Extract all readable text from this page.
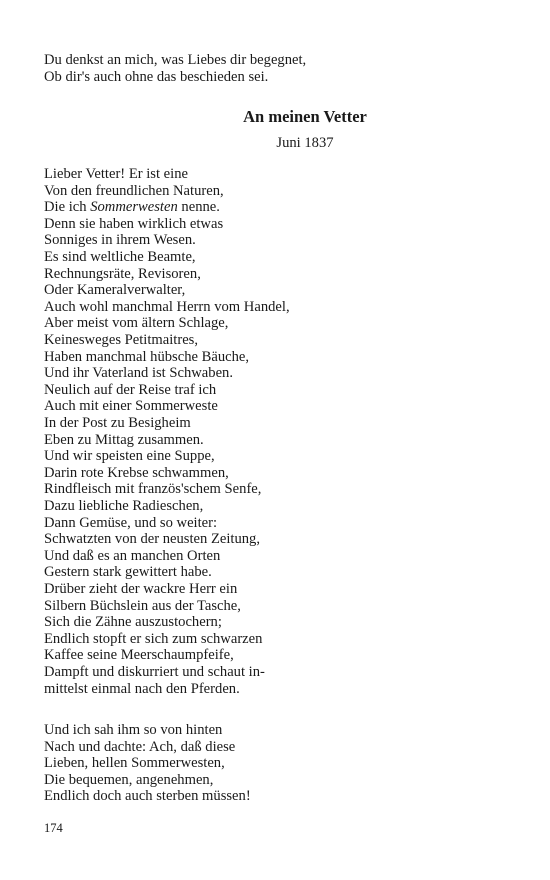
Du denkst an mich, was Liebes dir begegnet,
Ob dir's auch ohne das beschieden sei.
An meinen Vetter
Juni 1837
Lieber Vetter! Er ist eine
Von den freundlichen Naturen,
Die ich Sommerwesten nenne.
Denn sie haben wirklich etwas
Sonniges in ihrem Wesen.
Es sind weltliche Beamte,
Rechnungsräte, Revisoren,
Oder Kameralverwalter,
Auch wohl manchmal Herrn vom Handel,
Aber meist vom ältern Schlage,
Keinesweges Petitmaitres,
Haben manchmal hübsche Bäuche,
Und ihr Vaterland ist Schwaben.
Neulich auf der Reise traf ich
Auch mit einer Sommerweste
In der Post zu Besigheim
Eben zu Mittag zusammen.
Und wir speisten eine Suppe,
Darin rote Krebse schwammen,
Rindfleisch mit französ'schem Senfe,
Dazu liebliche Radieschen,
Dann Gemüse, und so weiter:
Schwatzten von der neusten Zeitung,
Und daß es an manchen Orten
Gestern stark gewittert habe.
Drüber zieht der wackre Herr ein
Silbern Büchslein aus der Tasche,
Sich die Zähne auszustochern;
Endlich stopft er sich zum schwarzen
Kaffee seine Meerschaumpfeife,
Dampft und diskurriert und schaut in-
mittelst einmal nach den Pferden.
Und ich sah ihm so von hinten
Nach und dachte: Ach, daß diese
Lieben, hellen Sommerwesten,
Die bequemen, angenehmen,
Endlich doch auch sterben müssen!
174
